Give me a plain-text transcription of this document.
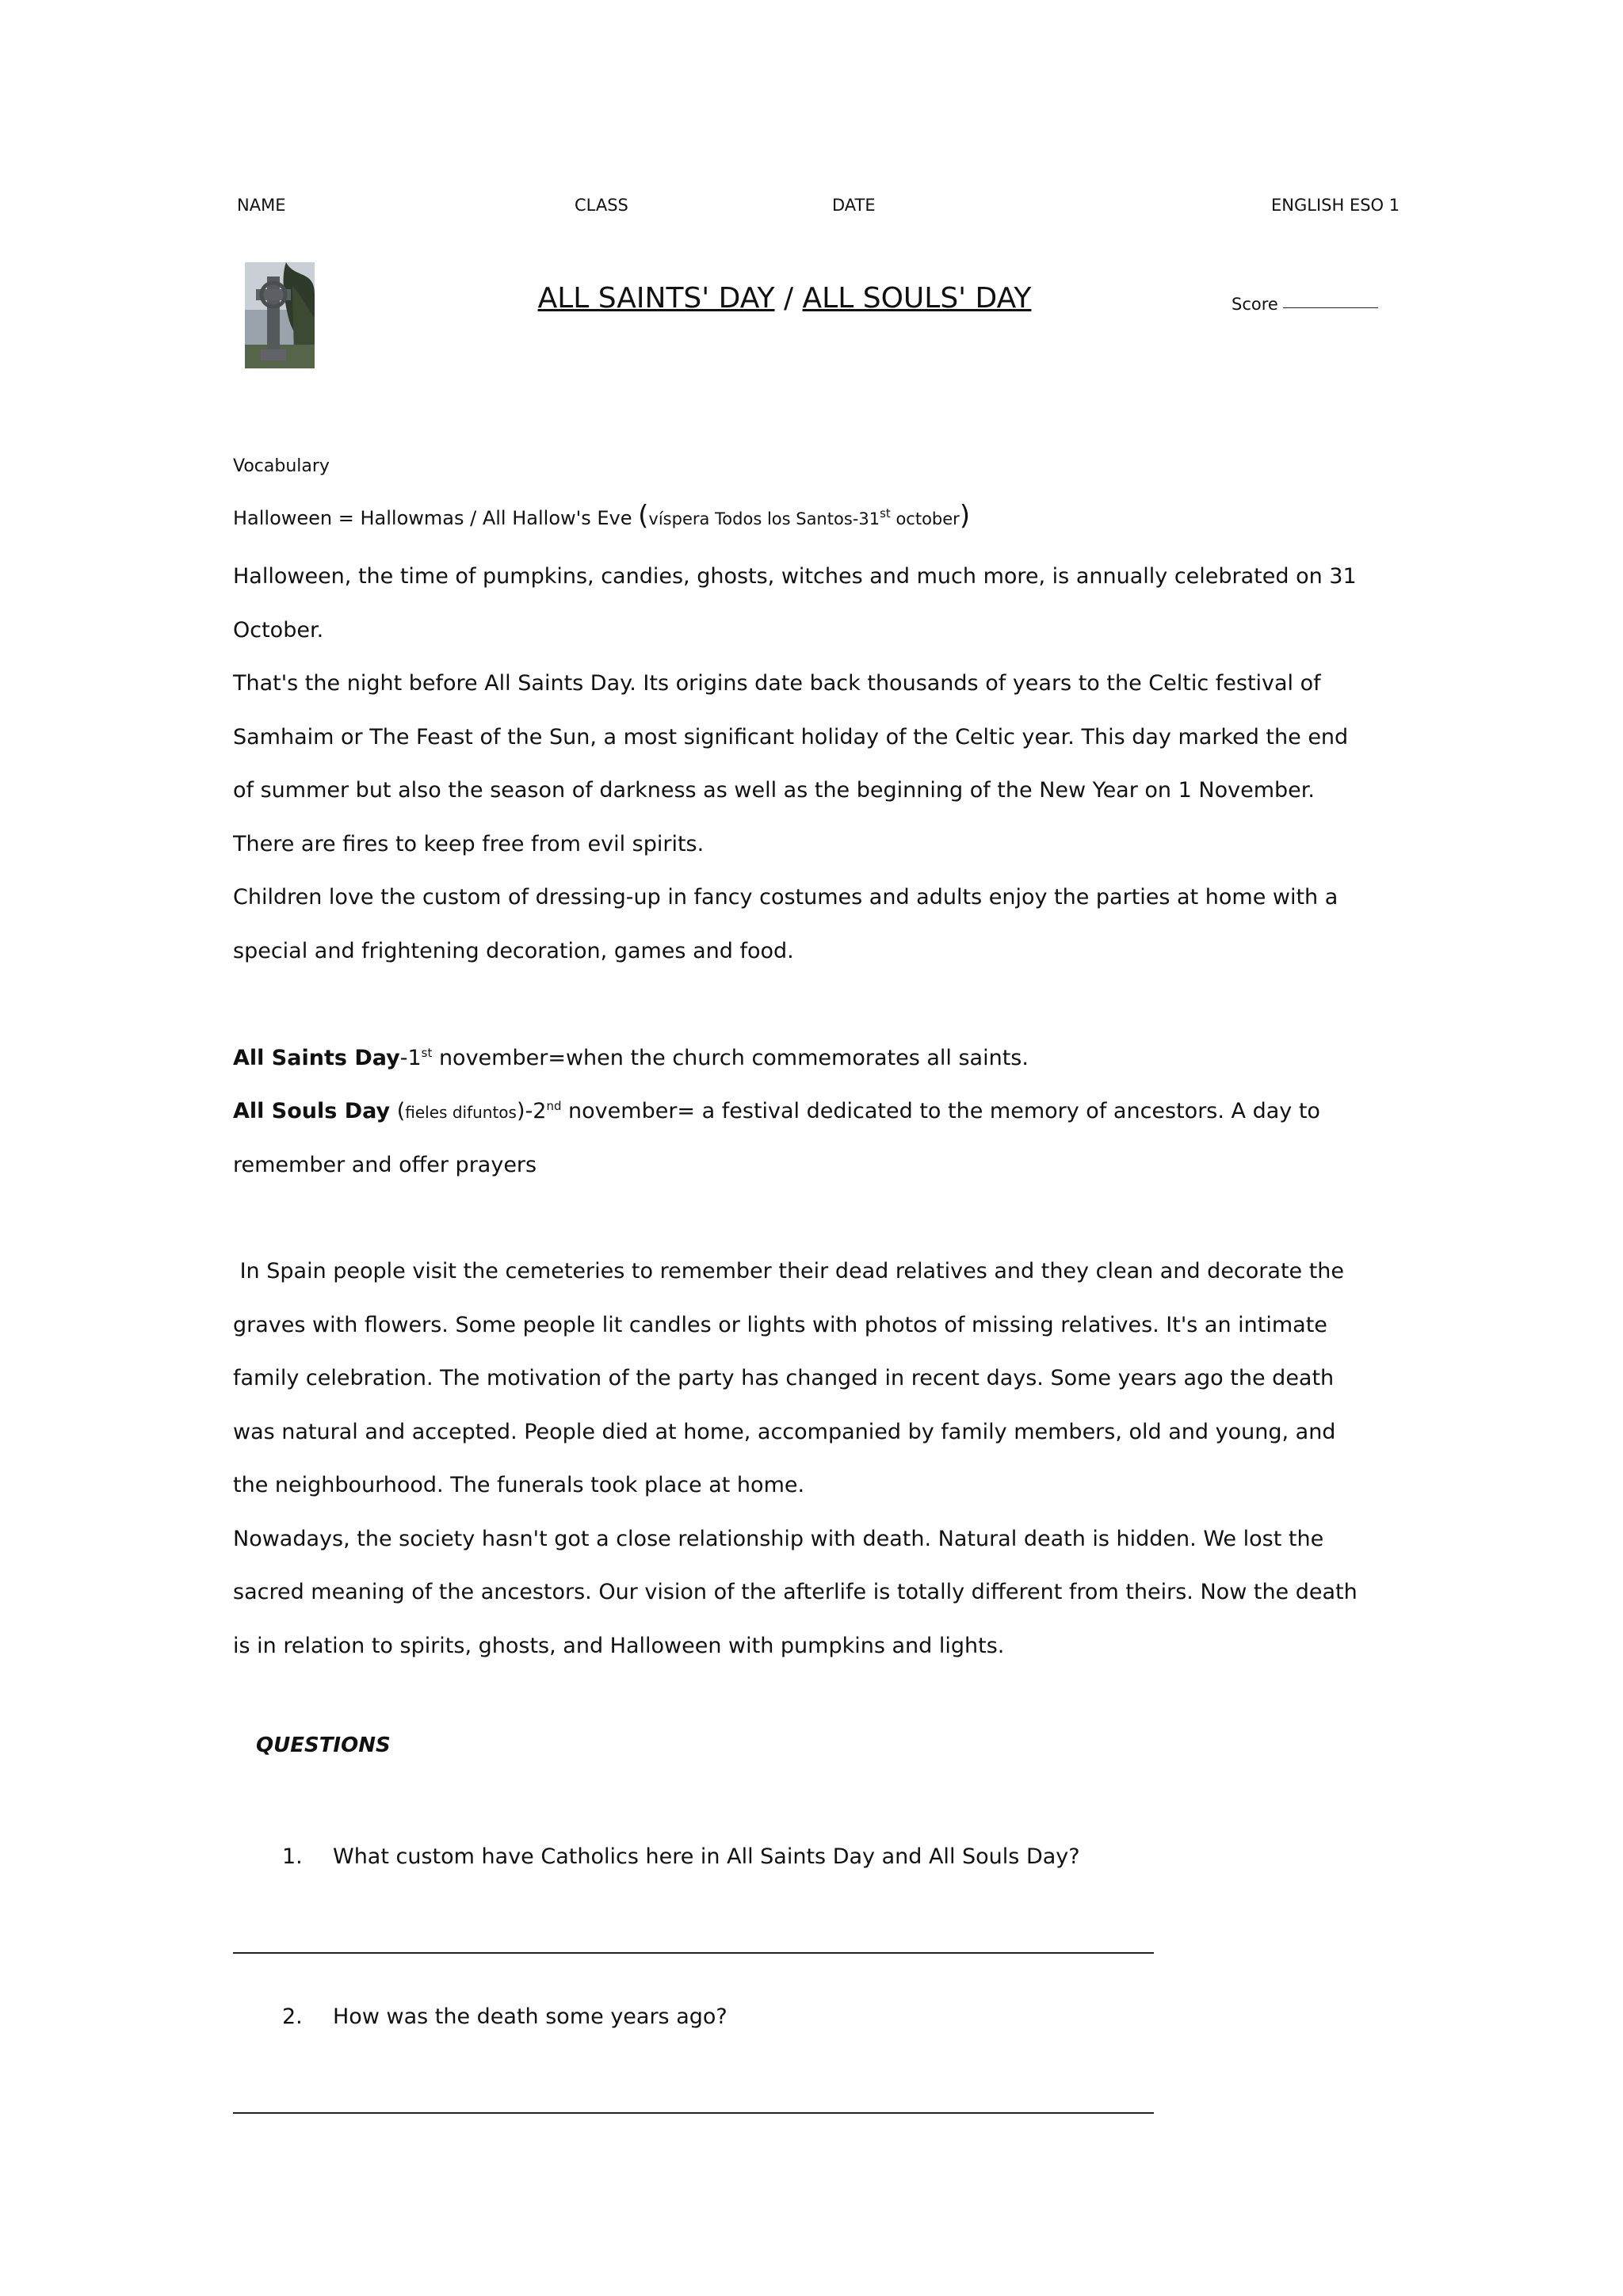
NAME	CLASS	DATE	ENGLISH ESO 1
ALL SAINTS' DAY / ALL SOULS' DAY	Score
Vocabulary
Halloween = Hallowmas / All Hallow's Eve (víspera Todos los Santos-31st october)
Halloween, the time of pumpkins, candies, ghosts, witches and much more, is annually celebrated on 31
October.
That's the night before All Saints Day. Its origins date back thousands of years to the Celtic festival of
Samhaim or The Feast of the Sun, a most significant holiday of the Celtic year. This day marked the end
of summer but also the season of darkness as well as the beginning of the New Year on 1 November.
There are fires to keep free from evil spirits.
Children love the custom of dressing-up in fancy costumes and adults enjoy the parties at home with a
special and frightening decoration, games and food.
All Saints Day-1st november=when the church commemorates all saints.
All Souls Day (fieles difuntos)-2nd november= a festival dedicated to the memory of ancestors. A day to
remember and offer prayers
In Spain people visit the cemeteries to remember their dead relatives and they clean and decorate the
graves with flowers. Some people lit candles or lights with photos of missing relatives. It's an intimate
family celebration. The motivation of the party has changed in recent days. Some years ago the death
was natural and accepted. People died at home, accompanied by family members, old and young, and
the neighbourhood. The funerals took place at home.
Nowadays, the society hasn't got a close relationship with death. Natural death is hidden. We lost the
sacred meaning of the ancestors. Our vision of the afterlife is totally different from theirs. Now the death
is in relation to spirits, ghosts, and Halloween with pumpkins and lights.
QUESTIONS
1. What custom have Catholics here in All Saints Day and All Souls Day?
2. How was the death some years ago?
